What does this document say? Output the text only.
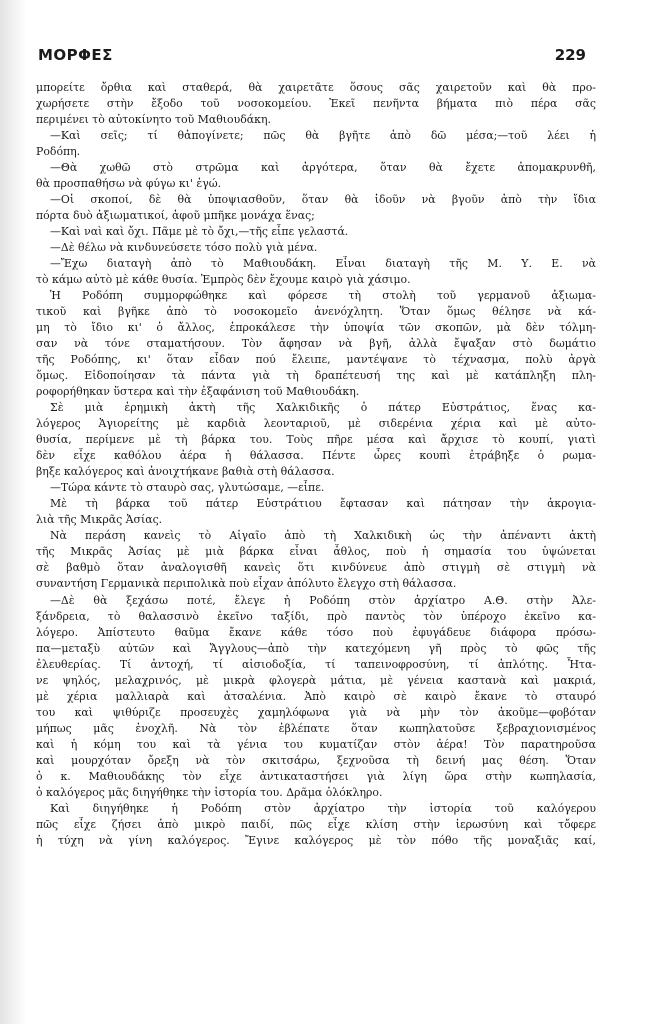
ΜΟΡΦΕΣ	229
μπορείτε ὄρθια καὶ σταθερά, θὰ χαιρετᾶτε ὅσους σᾶς χαιρετοῦν καὶ θὰ προ-
χωρήσετε στὴν ἔξοδο τοῦ νοσοκομείου. Ἐκεῖ πενῆντα βήματα πιὸ πέρα σᾶς
περιμένει τὸ αὐτοκίνητο τοῦ Μαθιουδάκη.
—Καὶ σεῖς; τί θἀπογίνετε; πῶς θὰ βγῆτε ἀπὸ δῶ μέσα;—τοῦ λέει ἡ
Ροδόπη.
—Θὰ χωθῶ στὸ στρῶμα καὶ ἀργότερα, ὅταν θὰ ἔχετε ἀπομακρυνθῆ,
θὰ προσπαθήσω νὰ φύγω κι' ἐγώ.
—Οἱ σκοποί, δὲ θὰ ὑποψιασθοῦν, ὅταν θὰ ἰδοῦν νὰ βγοῦν ἀπὸ τὴν ἴδια
πόρτα δυὸ ἀξιωματικοί, ἀφοῦ μπῆκε μονάχα ἕνας;
—Καὶ ναὶ καὶ ὄχι. Πᾶμε μὲ τὸ ὄχι,—τῆς εἶπε γελαστά.
—Δὲ θέλω νὰ κινδυνεύσετε τόσο πολὺ γιὰ μένα.
—Ἔχω διαταγὴ ἀπὸ τὸ Μαθιουδάκη. Εἶναι διαταγὴ τῆς Μ. Υ. Ε. νὰ
τὸ κάμω αὐτὸ μὲ κάθε θυσία. Ἐμπρὸς δὲν ἔχουμε καιρὸ γιὰ χάσιμο.
Ἡ Ροδόπη συμμορφώθηκε καὶ φόρεσε τὴ στολὴ τοῦ γερμανοῦ ἀξιωμα-
τικοῦ καὶ βγῆκε ἀπὸ τὸ νοσοκομεῖο ἀνενόχλητη. Ὅταν ὅμως θέλησε νὰ κά-
μη τὸ ἴδιο κι' ὁ ἄλλος, ἐπροκάλεσε τὴν ὑποψία τῶν σκοπῶν, μὰ δὲν τόλμη-
σαν νὰ τόνε σταματήσουν. Τὸν ἄφησαν νὰ βγῆ, ἀλλὰ ἔψαξαν στὸ δωμάτιο
τῆς Ροδόπης, κι' ὅταν εἶδαν πού ἔλειπε, μαντέψανε τὸ τέχνασμα, πολὺ ἀργὰ
ὅμως. Εἰδοποίησαν τὰ πάντα γιὰ τὴ δραπέτευσή της καὶ μὲ κατάπληξη πλη-
ροφορήθηκαν ὕστερα καὶ τὴν ἐξαφάνιση τοῦ Μαθιουδάκη.
Σὲ μιὰ ἐρημικὴ ἀκτὴ τῆς Χαλκιδικῆς ὁ πάτερ Εὐστράτιος, ἕνας κα-
λόγερος Ἁγιορείτης μὲ καρδιὰ λεονταριοῦ, μὲ σιδερένια χέρια καὶ μὲ αὐτο-
θυσία, περίμενε μὲ τὴ βάρκα του. Τοὺς πῆρε μέσα καὶ ἄρχισε τὸ κουπί, γιατὶ
δὲν εἶχε καθόλου ἀέρα ἡ θάλασσα. Πέντε ὧρες κουπὶ ἐτράβηξε ὁ ρωμα-
βηξε καλόγερος καὶ ἀνοιχτήκανε βαθιὰ στὴ θάλασσα.
—Τώρα κάντε τὸ σταυρὸ σας, γλυτώσαμε, —εἶπε.
Μὲ τὴ βάρκα τοῦ πάτερ Εὐστράτιου ἔφτασαν καὶ πάτησαν τὴν ἀκρογια-
λιὰ τῆς Μικρᾶς Ἀσίας.
Νὰ περάση κανεὶς τὸ Αἰγαῖο ἀπὸ τὴ Χαλκιδικὴ ὡς τὴν ἀπέναντι ἀκτὴ
τῆς Μικρᾶς Ἀσίας μὲ μιὰ βάρκα εἶναι ἆθλος, ποὺ ἡ σημασία του ὑψώνεται
σὲ βαθμὸ ὅταν ἀναλογισθῆ κανεὶς ὅτι κινδύνευε ἀπὸ στιγμὴ σὲ στιγμὴ νὰ
συναντήση Γερμανικὰ περιπολικὰ ποὺ εἶχαν ἀπόλυτο ἔλεγχο στὴ θάλασσα.
—Δὲ θὰ ξεχάσω ποτέ, ἔλεγε ἡ Ροδόπη στὸν ἀρχίατρο Α.Θ. στὴν Ἀλε-
ξάνδρεια, τὸ θαλασσινὸ ἐκεῖνο ταξίδι, πρὸ παντὸς τὸν ὑπέροχο ἐκεῖνο κα-
λόγερο. Ἀπίστευτο θαῦμα ἔκανε κάθε τόσο ποὺ ἐφυγάδευε διάφορα πρόσω-
πα—μεταξὺ αὐτῶν καὶ Ἄγγλους—ἀπὸ τὴν κατεχόμενη γῆ πρὸς τὸ φῶς τῆς
ἐλευθερίας. Τί ἀντοχή, τί αἰσιοδοξία, τί ταπεινοφροσύνη, τί ἁπλότης. Ἦτα-
νε ψηλός, μελαχρινός, μὲ μικρὰ φλογερὰ μάτια, μὲ γένεια καστανὰ καὶ μακριά,
μὲ χέρια μαλλιαρὰ καὶ ἀτσαλένια. Ἀπὸ καιρὸ σὲ καιρὸ ἔκανε τὸ σταυρό
του καὶ ψιθύριζε προσευχὲς χαμηλόφωνα γιὰ νὰ μὴν τὸν ἀκοῦμε—φοβόταν
μήπως μᾶς ἐνοχλῆ. Νὰ τὸν ἐβλέπατε ὅταν κωπηλατοῦσε ξεβραχιονισμένος
καὶ ἡ κόμη του καὶ τὰ γένια του κυματίζαν στὸν ἀέρα! Τὸν παρατηροῦσα
καὶ μουρχόταν ὄρεξη νὰ τὸν σκιτσάρω, ξεχνοῦσα τὴ δεινή μας θέση. Ὅταν
ὁ κ. Μαθιουδάκης τὸν εἶχε ἀντικαταστήσει γιὰ λίγη ὥρα στὴν κωπηλασία,
ὁ καλόγερος μᾶς διηγήθηκε τὴν ἱστορία του. Δρᾶμα ὁλόκληρο.
Καὶ διηγήθηκε ἡ Ροδόπη στὸν ἀρχίατρο τὴν ἱστορία τοῦ καλόγερου
πῶς εἶχε ζήσει ἀπὸ μικρὸ παιδί, πῶς εἶχε κλίση στὴν ἱερωσύνη καὶ τὄφερε
ἡ τύχη νὰ γίνη καλόγερος. Ἔγινε καλόγερος μὲ τὸν πόθο τῆς μοναξιᾶς καί,
